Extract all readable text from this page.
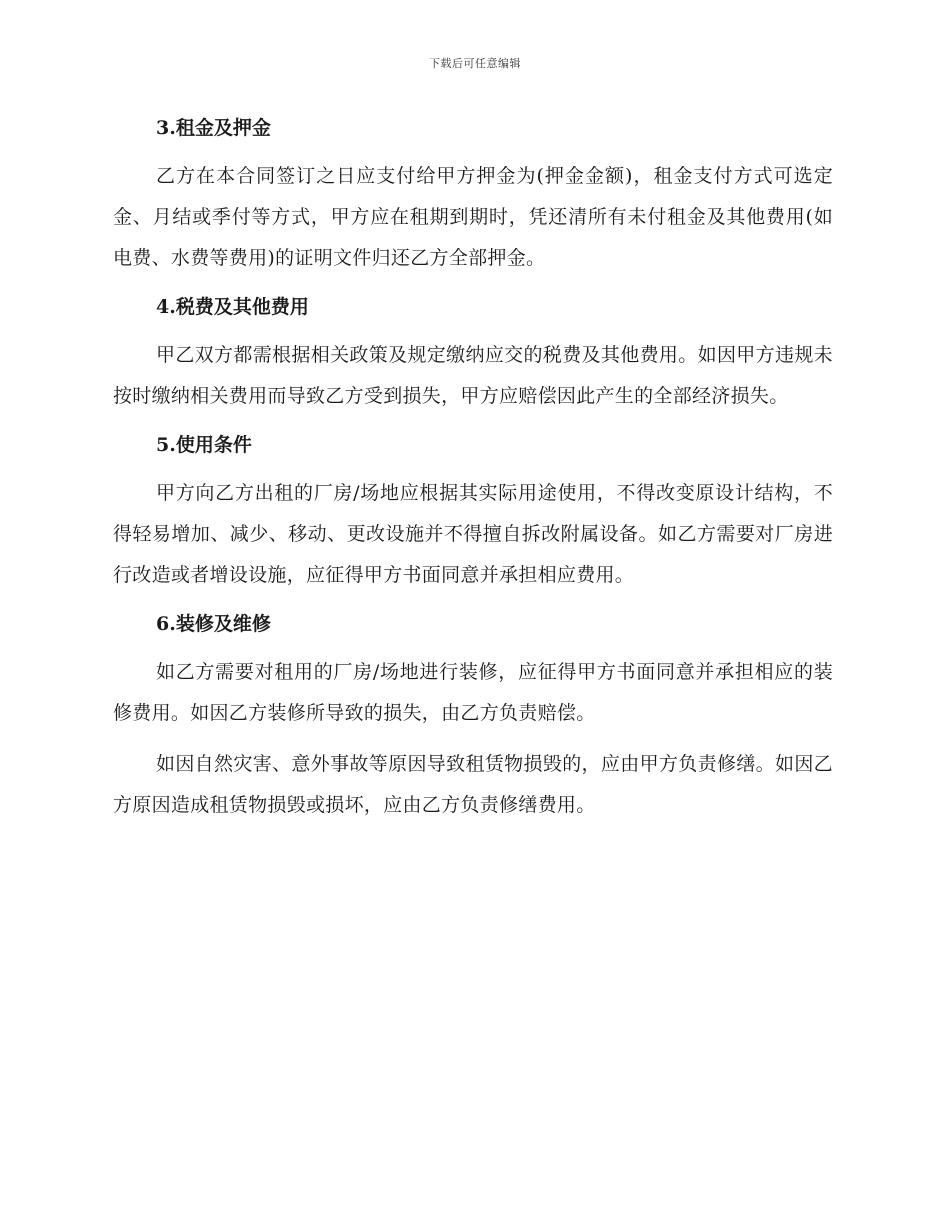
下载后可任意编辑
3.租金及押金

乙方在本合同签订之日应支付给甲方押金为(押金金额)，租金支付方式可选定金、月结或季付等方式，甲方应在租期到期时，凭还清所有未付租金及其他费用(如电费、水费等费用)的证明文件归还乙方全部押金。

4.税费及其他费用

甲乙双方都需根据相关政策及规定缴纳应交的税费及其他费用。如因甲方违规未按时缴纳相关费用而导致乙方受到损失，甲方应赔偿因此产生的全部经济损失。

5.使用条件

甲方向乙方出租的厂房/场地应根据其实际用途使用，不得改变原设计结构，不得轻易增加、减少、移动、更改设施并不得擅自拆改附属设备。如乙方需要对厂房进行改造或者增设设施，应征得甲方书面同意并承担相应费用。

6.装修及维修

如乙方需要对租用的厂房/场地进行装修，应征得甲方书面同意并承担相应的装修费用。如因乙方装修所导致的损失，由乙方负责赔偿。

如因自然灾害、意外事故等原因导致租赁物损毁的，应由甲方负责修缮。如因乙方原因造成租赁物损毁或损坏，应由乙方负责修缮费用。
